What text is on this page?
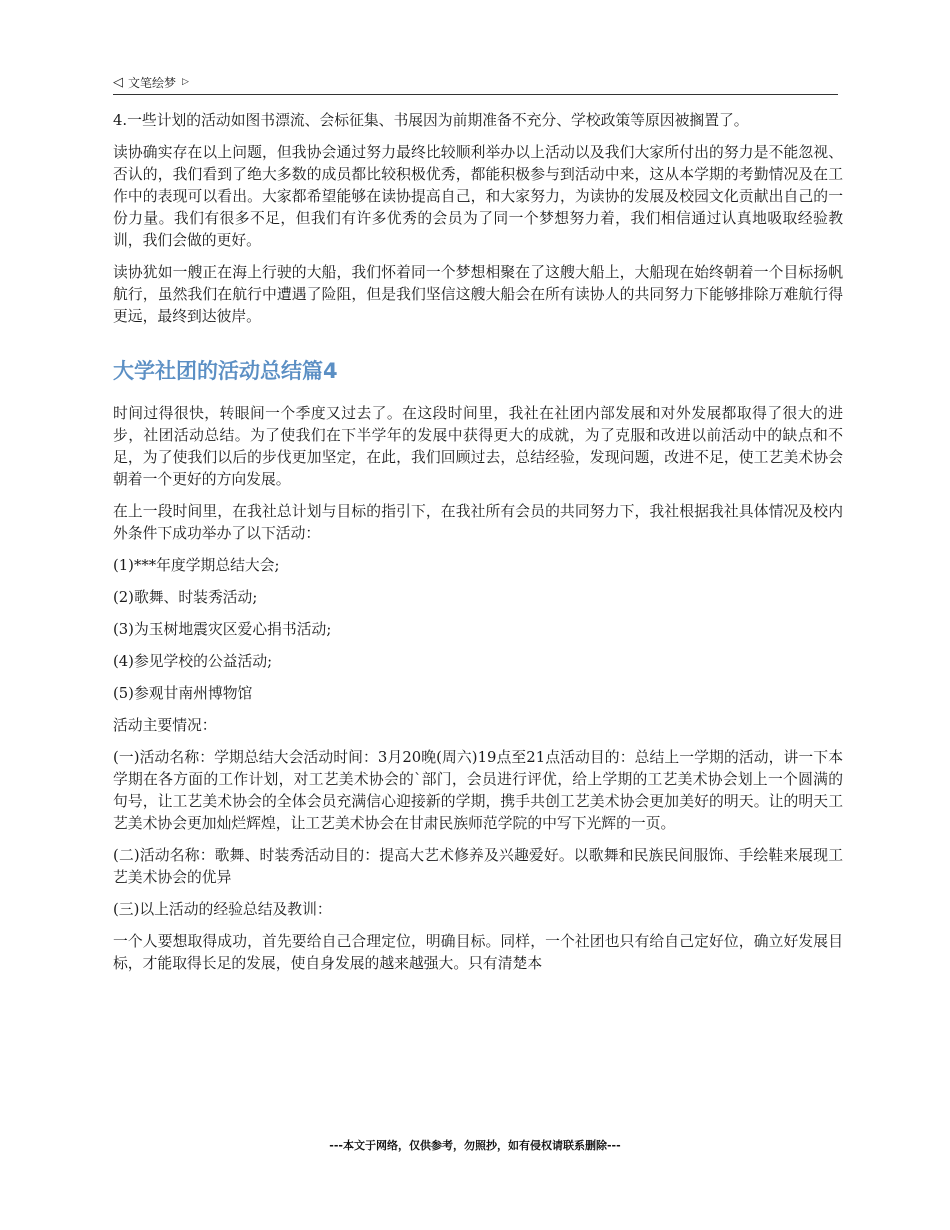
◁ 文笔绘梦 ▷

4.一些计划的活动如图书漂流、会标征集、书展因为前期准备不充分、学校政策等原因被搁置了。

读协确实存在以上问题，但我协会通过努力最终比较顺利举办以上活动以及我们大家所付出的努力是不能忽视、否认的，我们看到了绝大多数的成员都比较积极优秀，都能积极参与到活动中来，这从本学期的考勤情况及在工作中的表现可以看出。大家都希望能够在读协提高自己，和大家努力，为读协的发展及校园文化贡献出自己的一份力量。我们有很多不足，但我们有许多优秀的会员为了同一个梦想努力着，我们相信通过认真地吸取经验教训，我们会做的更好。

读协犹如一艘正在海上行驶的大船，我们怀着同一个梦想相聚在了这艘大船上，大船现在始终朝着一个目标扬帆航行，虽然我们在航行中遭遇了险阻，但是我们坚信这艘大船会在所有读协人的共同努力下能够排除万难航行得更远，最终到达彼岸。

大学社团的活动总结篇4

时间过得很快，转眼间一个季度又过去了。在这段时间里，我社在社团内部发展和对外发展都取得了很大的进步，社团活动总结。为了使我们在下半学年的发展中获得更大的成就，为了克服和改进以前活动中的缺点和不足，为了使我们以后的步伐更加坚定，在此，我们回顾过去，总结经验，发现问题，改进不足，使工艺美术协会朝着一个更好的方向发展。

在上一段时间里，在我社总计划与目标的指引下，在我社所有会员的共同努力下，我社根据我社具体情况及校内外条件下成功举办了以下活动：

(1)***年度学期总结大会;

(2)歌舞、时装秀活动;

(3)为玉树地震灾区爱心捐书活动;

(4)参见学校的公益活动;

(5)参观甘南州博物馆

活动主要情况：

(一)活动名称：学期总结大会活动时间：3月20晚(周六)19点至21点活动目的：总结上一学期的活动，讲一下本学期在各方面的工作计划，对工艺美术协会的`部门，会员进行评优，给上学期的工艺美术协会划上一个圆满的句号，让工艺美术协会的全体会员充满信心迎接新的学期，携手共创工艺美术协会更加美好的明天。让的明天工艺美术协会更加灿烂辉煌，让工艺美术协会在甘肃民族师范学院的中写下光辉的一页。

(二)活动名称：歌舞、时装秀活动目的：提高大艺术修养及兴趣爱好。以歌舞和民族民间服饰、手绘鞋来展现工艺美术协会的优异

(三)以上活动的经验总结及教训：

一个人要想取得成功，首先要给自己合理定位，明确目标。同样，一个社团也只有给自己定好位，确立好发展目标，才能取得长足的发展，使自身发展的越来越强大。只有清楚本

---本文于网络，仅供参考，勿照抄，如有侵权请联系删除---
